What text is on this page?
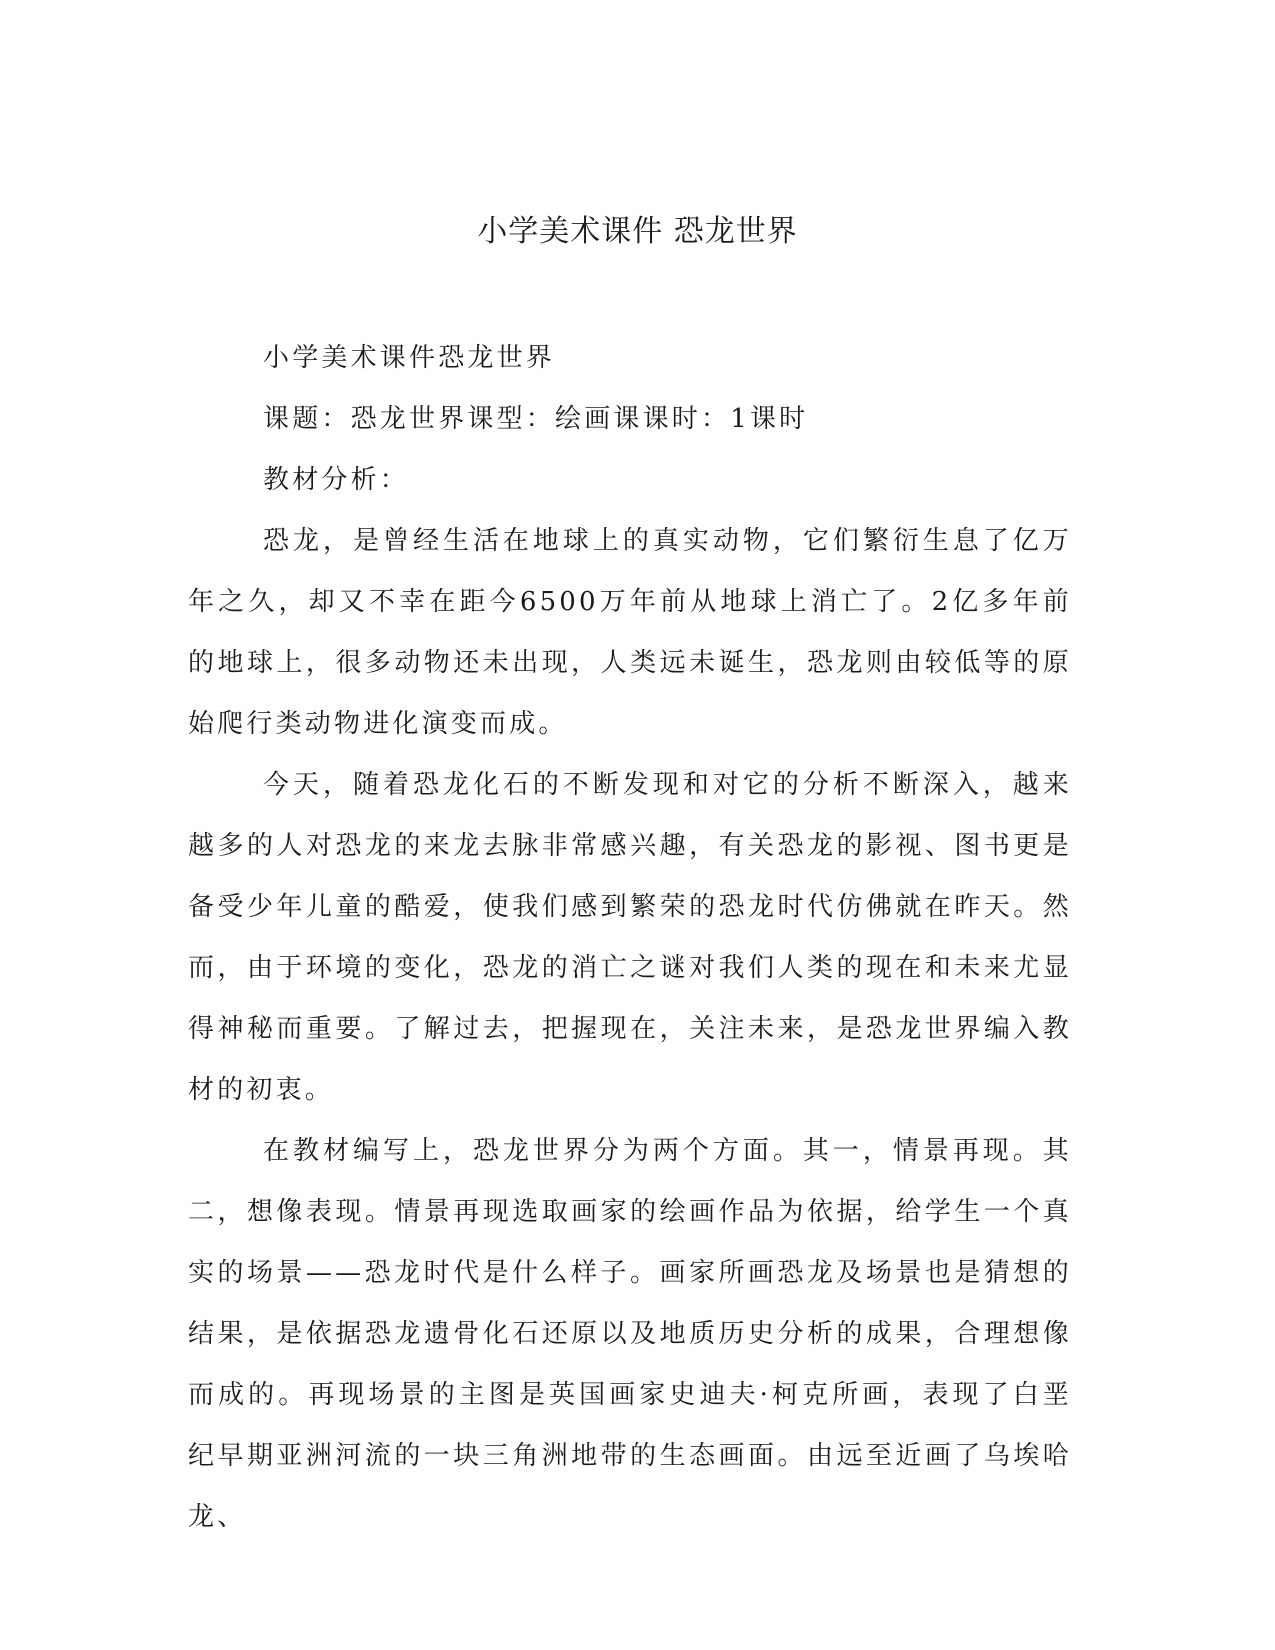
小学美术课件 恐龙世界

小学美术课件恐龙世界

课题：恐龙世界课型：绘画课课时：1课时

教材分析：

恐龙，是曾经生活在地球上的真实动物，它们繁衍生息了亿万年之久，却又不幸在距今6500万年前从地球上消亡了。2亿多年前的地球上，很多动物还未出现，人类远未诞生，恐龙则由较低等的原始爬行类动物进化演变而成。

今天，随着恐龙化石的不断发现和对它的分析不断深入，越来越多的人对恐龙的来龙去脉非常感兴趣，有关恐龙的影视、图书更是备受少年儿童的酷爱，使我们感到繁荣的恐龙时代仿佛就在昨天。然而，由于环境的变化，恐龙的消亡之谜对我们人类的现在和未来尤显得神秘而重要。了解过去，把握现在，关注未来，是恐龙世界编入教材的初衷。

在教材编写上，恐龙世界分为两个方面。其一，情景再现。其二，想像表现。情景再现选取画家的绘画作品为依据，给学生一个真实的场景——恐龙时代是什么样子。画家所画恐龙及场景也是猜想的结果，是依据恐龙遗骨化石还原以及地质历史分析的成果，合理想像而成的。再现场景的主图是英国画家史迪夫·柯克所画，表现了白垩纪早期亚洲河流的一块三角洲地带的生态画面。由远至近画了乌埃哈龙、
